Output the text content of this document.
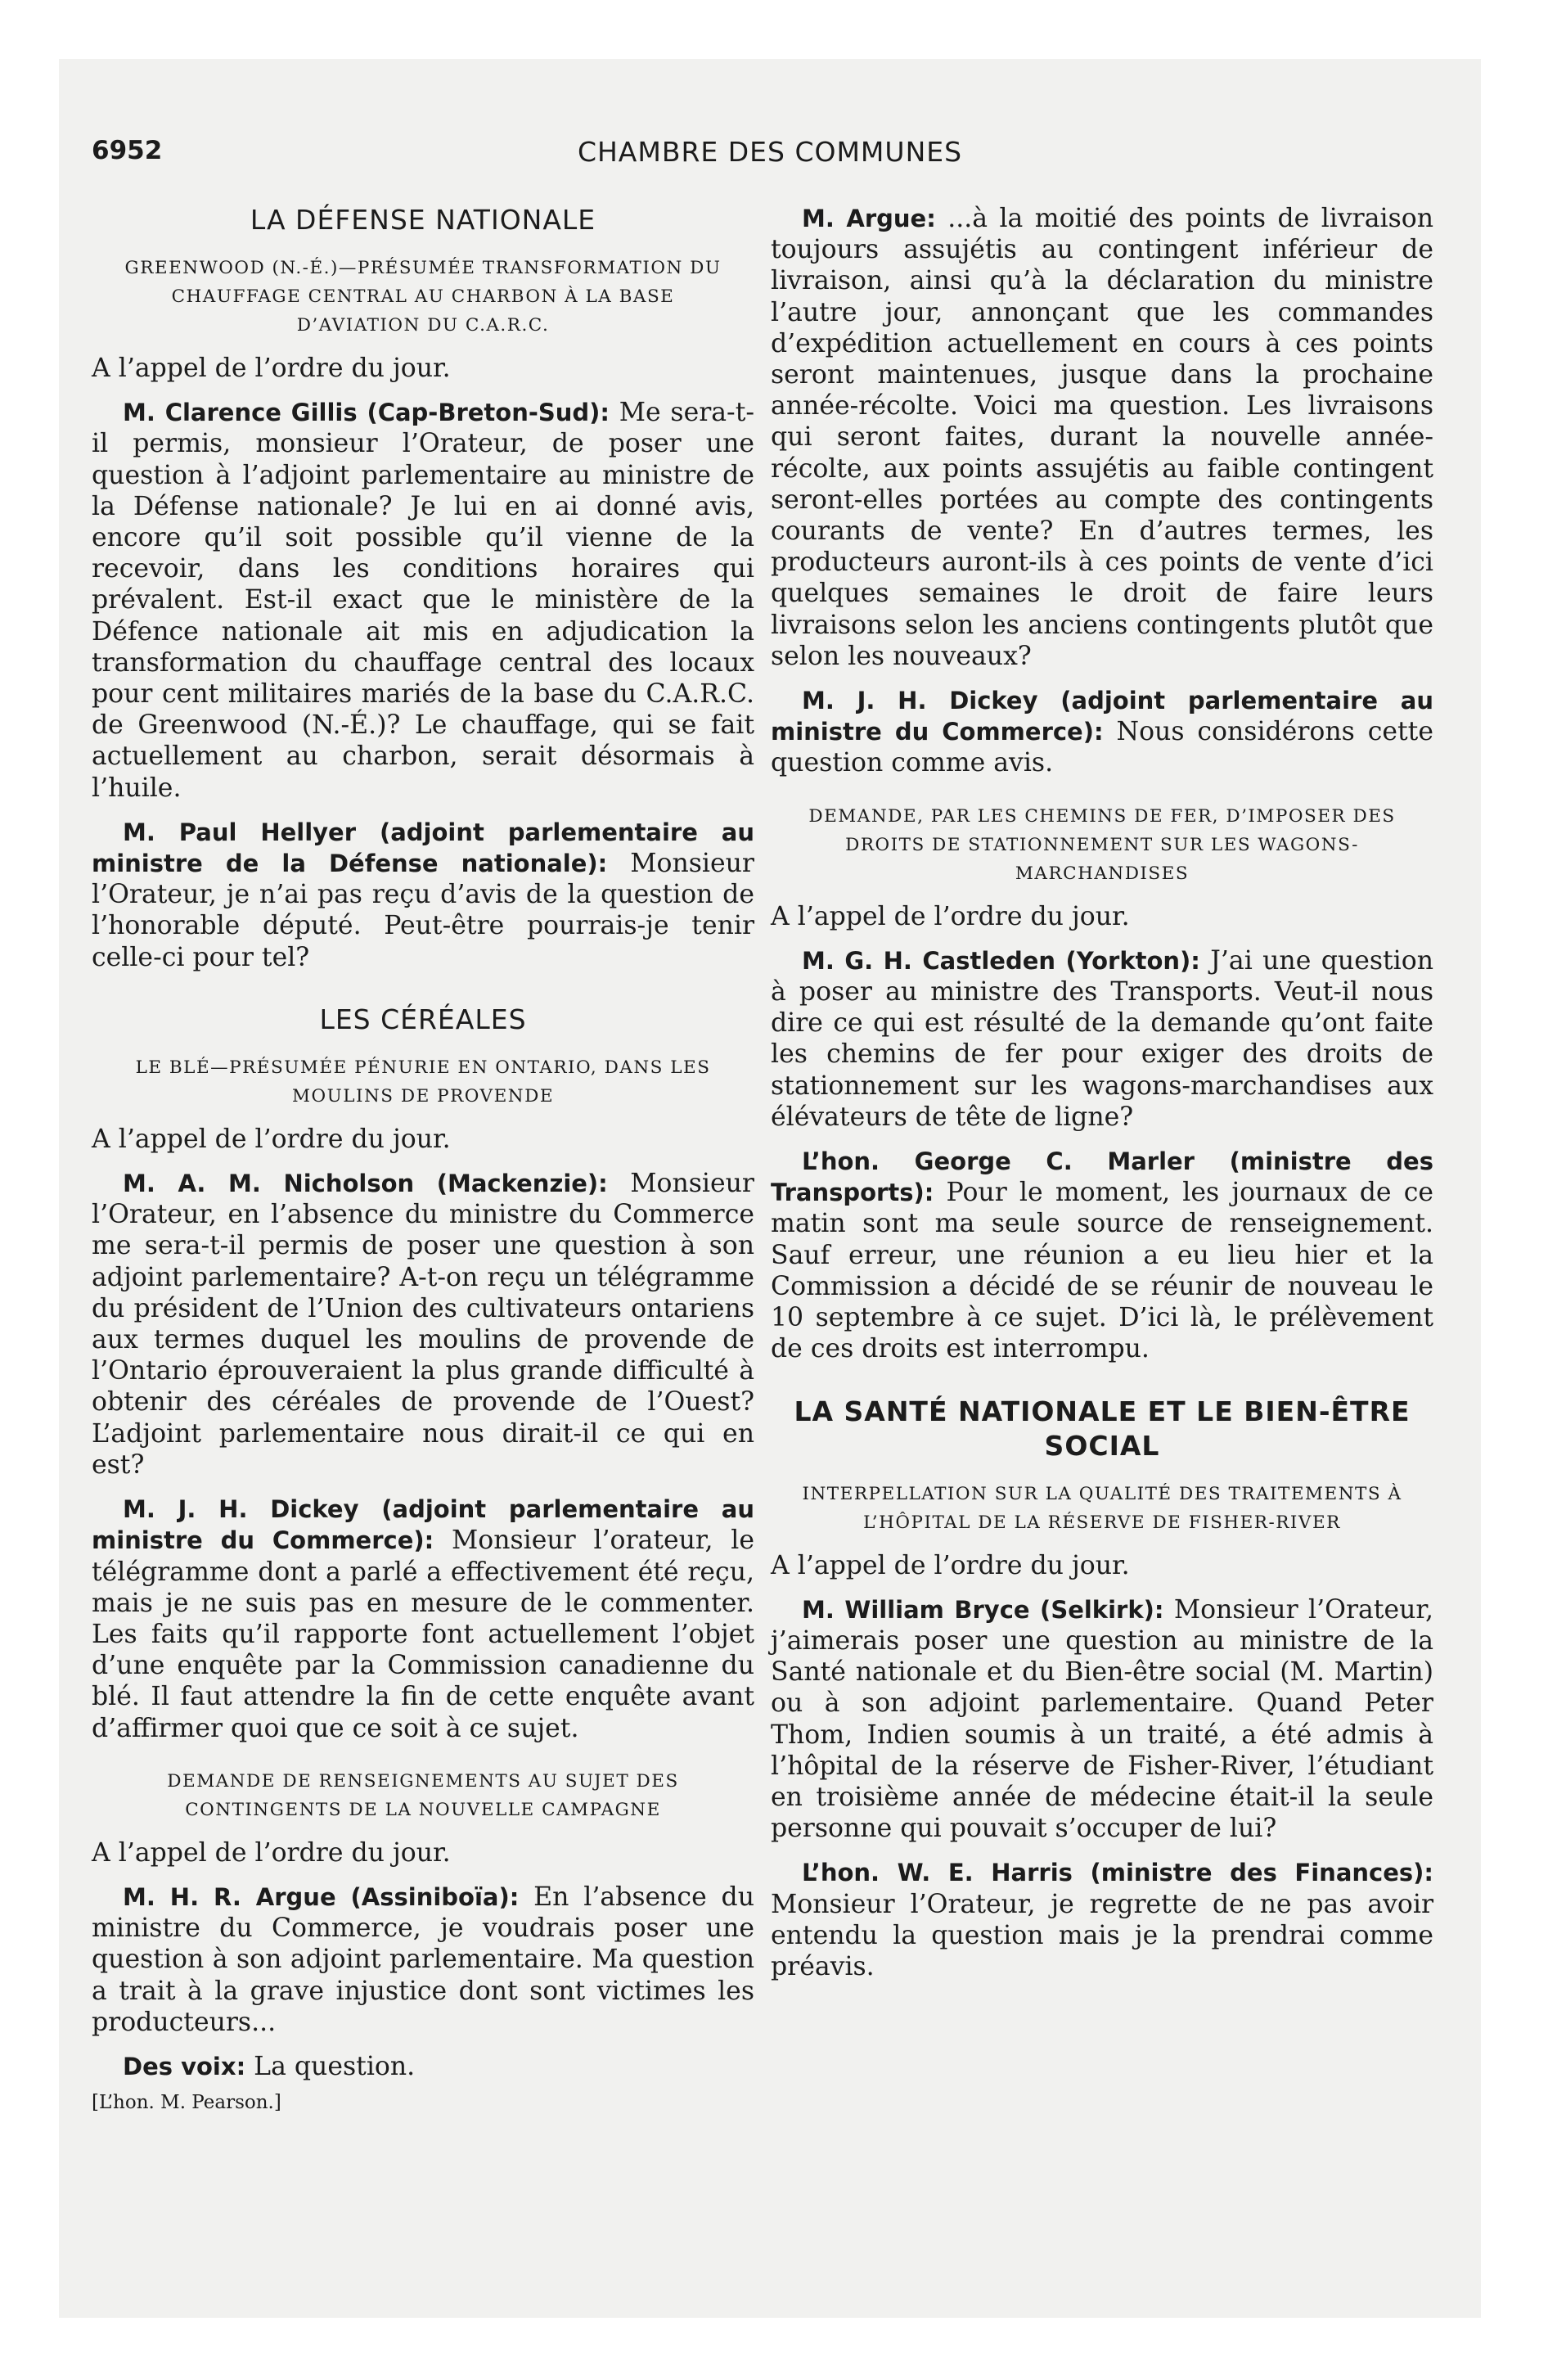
6952	CHAMBRE DES COMMUNES
LA DÉFENSE NATIONALE
GREENWOOD (N.-É.)—PRÉSUMÉE TRANSFORMATION DU CHAUFFAGE CENTRAL AU CHARBON À LA BASE D’AVIATION DU C.A.R.C.

A l’appel de l’ordre du jour.

M. Clarence Gillis (Cap-Breton-Sud): Me sera-t-il permis, monsieur l’Orateur, de poser une question à l’adjoint parlementaire au ministre de la Défense nationale? Je lui en ai donné avis, encore qu’il soit possible qu’il vienne de la recevoir, dans les conditions horaires qui prévalent. Est-il exact que le ministère de la Défence nationale ait mis en adjudication la transformation du chauffage central des locaux pour cent militaires mariés de la base du C.A.R.C. de Greenwood (N.-É.)? Le chauffage, qui se fait actuellement au charbon, serait désormais à l’huile.

M. Paul Hellyer (adjoint parlementaire au ministre de la Défense nationale): Monsieur l’Orateur, je n’ai pas reçu d’avis de la question de l’honorable député. Peut-être pourrais-je tenir celle-ci pour tel?

LES CÉRÉALES
LE BLÉ—PRÉSUMÉE PÉNURIE EN ONTARIO, DANS LES MOULINS DE PROVENDE

A l’appel de l’ordre du jour.

M. A. M. Nicholson (Mackenzie): Monsieur l’Orateur, en l’absence du ministre du Commerce me sera-t-il permis de poser une question à son adjoint parlementaire? A-t-on reçu un télégramme du président de l’Union des cultivateurs ontariens aux termes duquel les moulins de provende de l’Ontario éprouveraient la plus grande difficulté à obtenir des céréales de provende de l’Ouest? L’adjoint parlementaire nous dirait-il ce qui en est?

M. J. H. Dickey (adjoint parlementaire au ministre du Commerce): Monsieur l’orateur, le télégramme dont a parlé a effectivement été reçu, mais je ne suis pas en mesure de le commenter. Les faits qu’il rapporte font actuellement l’objet d’une enquête par la Commission canadienne du blé. Il faut attendre la fin de cette enquête avant d’affirmer quoi que ce soit à ce sujet.

DEMANDE DE RENSEIGNEMENTS AU SUJET DES CONTINGENTS DE LA NOUVELLE CAMPAGNE

A l’appel de l’ordre du jour.

M. H. R. Argue (Assiniboïa): En l’absence du ministre du Commerce, je voudrais poser une question à son adjoint parlementaire. Ma question a trait à la grave injustice dont sont victimes les producteurs...

Des voix: La question.

[L’hon. M. Pearson.]

M. Argue: ...à la moitié des points de livraison toujours assujétis au contingent inférieur de livraison, ainsi qu’à la déclaration du ministre l’autre jour, annonçant que les commandes d’expédition actuellement en cours à ces points seront maintenues, jusque dans la prochaine année-récolte. Voici ma question. Les livraisons qui seront faites, durant la nouvelle année-récolte, aux points assujétis au faible contingent seront-elles portées au compte des contingents courants de vente? En d’autres termes, les producteurs auront-ils à ces points de vente d’ici quelques semaines le droit de faire leurs livraisons selon les anciens contingents plutôt que selon les nouveaux?

M. J. H. Dickey (adjoint parlementaire au ministre du Commerce): Nous considérons cette question comme avis.

DEMANDE, PAR LES CHEMINS DE FER, D’IMPOSER DES DROITS DE STATIONNEMENT SUR LES WAGONS-MARCHANDISES

A l’appel de l’ordre du jour.

M. G. H. Castleden (Yorkton): J’ai une question à poser au ministre des Transports. Veut-il nous dire ce qui est résulté de la demande qu’ont faite les chemins de fer pour exiger des droits de stationnement sur les wagons-marchandises aux élévateurs de tête de ligne?

L’hon. George C. Marler (ministre des Transports): Pour le moment, les journaux de ce matin sont ma seule source de renseignement. Sauf erreur, une réunion a eu lieu hier et la Commission a décidé de se réunir de nouveau le 10 septembre à ce sujet. D’ici là, le prélèvement de ces droits est interrompu.

LA SANTÉ NATIONALE ET LE BIEN-ÊTRE SOCIAL
INTERPELLATION SUR LA QUALITÉ DES TRAITEMENTS À L’HÔPITAL DE LA RÉSERVE DE FISHER-RIVER

A l’appel de l’ordre du jour.

M. William Bryce (Selkirk): Monsieur l’Orateur, j’aimerais poser une question au ministre de la Santé nationale et du Bien-être social (M. Martin) ou à son adjoint parlementaire. Quand Peter Thom, Indien soumis à un traité, a été admis à l’hôpital de la réserve de Fisher-River, l’étudiant en troisième année de médecine était-il la seule personne qui pouvait s’occuper de lui?

L’hon. W. E. Harris (ministre des Finances): Monsieur l’Orateur, je regrette de ne pas avoir entendu la question mais je la prendrai comme préavis.
